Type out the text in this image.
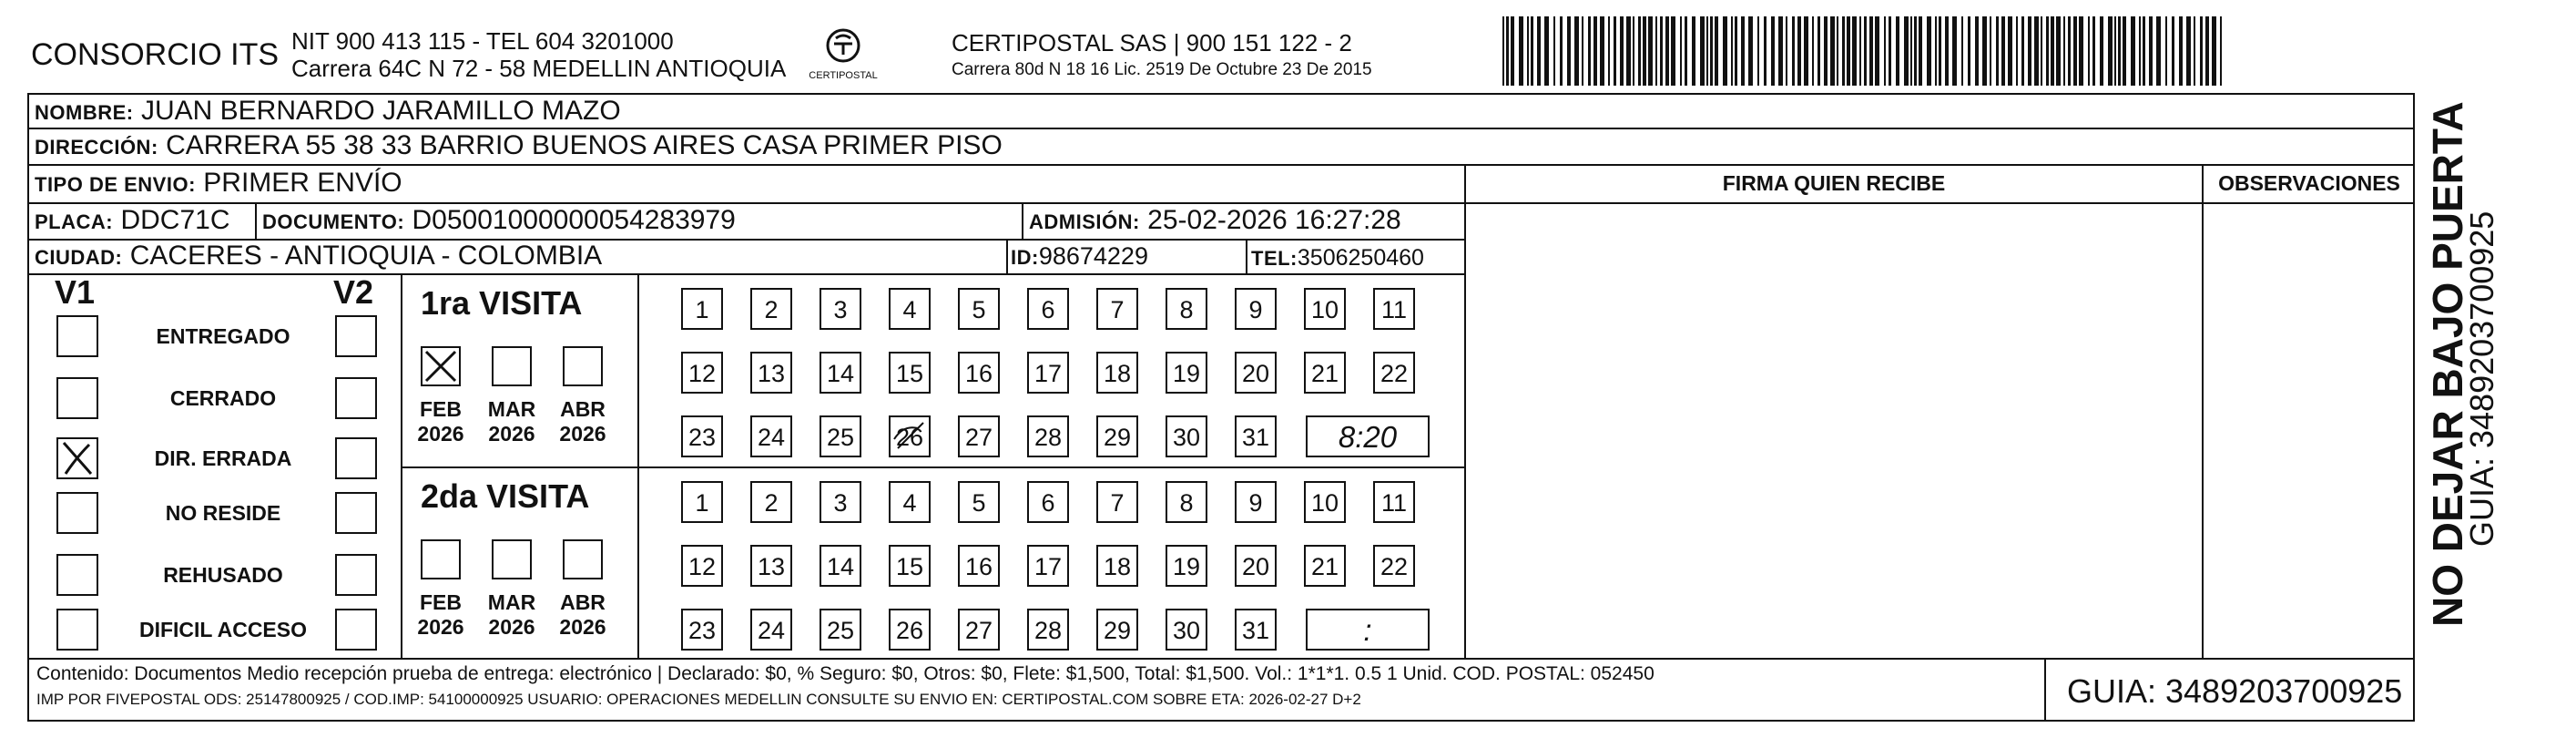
CONSORCIO ITS NIT 900 413 115 - TEL 604 3201000
Carrera 64C N 72 - 58 MEDELLIN ANTIOQUIA CERTIPOSTAL
CERTIPOSTAL SAS | 900 151 122 - 2
Carrera 80d N 18 16 Lic. 2519 De Octubre 23 De 2015
NOMBRE: JUAN BERNARDO JARAMILLO MAZO
DIRECCIÓN: CARRERA 55 38 33 BARRIO BUENOS AIRES CASA PRIMER PISO
TIPO DE ENVIO: PRIMER ENVÍO
PLACA: DDC71C DOCUMENTO: D05001000000054283979	ADMISIÓN: 25-02-2026 16:27:28
CIUDAD: CACERES - ANTIOQUIA - COLOMBIA	ID:98674229	TEL:3506250460
FIRMA QUIEN RECIBE	OBSERVACIONES
V1	V2
ENTREGADO
CERRADO
DIR. ERRADA
NO RESIDE
REHUSADO
DIFICIL ACCESO
1ra VISITA
FEB
2026
MAR
2026
ABR
2026
1	2	3	4	5	6	7	8	9	10	11
12 13 14 15 16 17 18 19 20 21 22
23 24 25 26 27 28 29 30 31	8:20
2da VISITA
FEB
2026
MAR
2026
ABR
2026
1	2	3	4	5	6	7	8	9	10	11
12 13 14 15 16 17 18 19 20 21 22
23 24 25 26 27 28 29 30 31	:
Contenido: Documentos Medio recepción prueba de entrega: electrónico | Declarado: $0, % Seguro: $0, Otros: $0, Flete: $1,500, Total: $1,500. Vol.: 1*1*1. 0.5 1 Unid. COD. POSTAL: 052450
IMP POR FIVEPOSTAL ODS: 25147800925 / COD.IMP: 54100000925 USUARIO: OPERACIONES MEDELLIN CONSULTE SU ENVIO EN: CERTIPOSTAL.COM SOBRE ETA: 2026-02-27 D+2	GUIA: 3489203700925
NO DEJAR BAJO PUERTA
GUIA: 3489203700925
